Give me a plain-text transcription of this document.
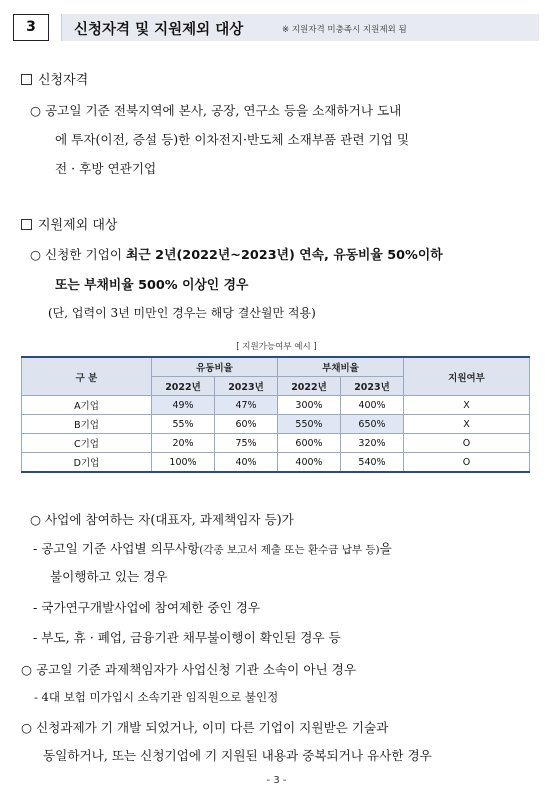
3	신청자격 및 지원제외 대상	※ 지원자격 미충족시 지원제외 됨
신청자격
○ 공고일 기준 전북지역에 본사, 공장, 연구소 등을 소재하거나 도내
에 투자(이전, 증설 등)한 이차전지·반도체 소재부품 관련 기업 및
전 · 후방 연관기업
지원제외 대상
○ 신청한 기업이 최근 2년(2022년~2023년) 연속, 유동비율 50%이하
또는 부채비율 500% 이상인 경우
(단, 업력이 3년 미만인 경우는 해당 결산월만 적용)
[ 지원가능여부 예시 ]
구 분	유동비율		부채비율		지원여부
	2022년	2023년	2022년	2023년	
A기업	49%	47%	300%	400%	X
B기업	55%	60%	550%	650%	X
C기업	20%	75%	600%	320%	O
D기업	100%	40%	400%	540%	O
○ 사업에 참여하는 자(대표자, 과제책임자 등)가
- 공고일 기준 사업별 의무사항(각종 보고서 제출 또는 환수금 납부 등)을
불이행하고 있는 경우
- 국가연구개발사업에 참여제한 중인 경우
- 부도, 휴 · 폐업, 금융기관 채무불이행이 확인된 경우 등
○ 공고일 기준 과제책임자가 사업신청 기관 소속이 아닌 경우
- 4대 보험 미가입시 소속기관 임직원으로 불인정
○ 신청과제가 기 개발 되었거나, 이미 다른 기업이 지원받은 기술과
동일하거나, 또는 신청기업에 기 지원된 내용과 중복되거나 유사한 경우
- 3 -
